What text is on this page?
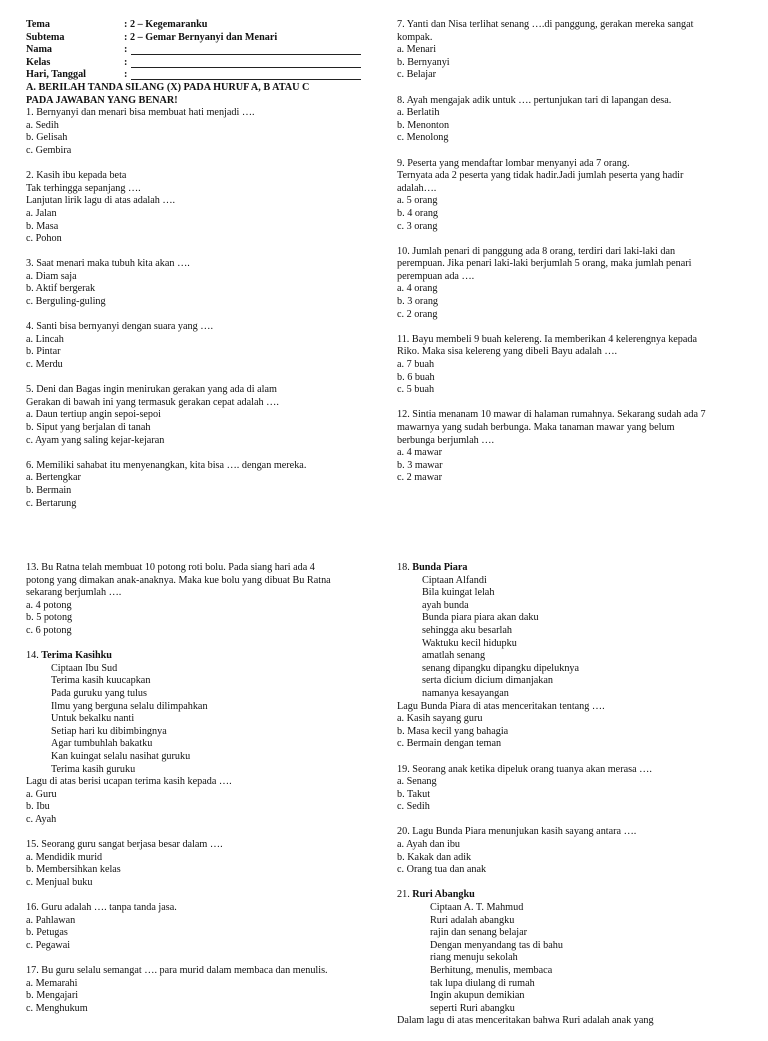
Tema	: 2 – Kegemaranku
Subtema	: 2 – Gemar Bernyanyi dan Menari
Nama	:
Kelas	:
Hari, Tanggal	:
A. BERILAH TANDA SILANG (X) PADA HURUF A, B ATAU C
PADA JAWABAN YANG BENAR!
1. Bernyanyi dan menari bisa membuat hati menjadi ….
a. Sedih
b. Gelisah
c. Gembira
2. Kasih ibu kepada beta
Tak terhingga sepanjang ….
Lanjutan lirik lagu di atas adalah ….
a. Jalan
b. Masa
c. Pohon
3. Saat menari maka tubuh kita akan ….
a. Diam saja
b. Aktif bergerak
c. Berguling-guling
4. Santi bisa bernyanyi dengan suara yang ….
a. Lincah
b. Pintar
c. Merdu
5. Deni dan Bagas ingin menirukan gerakan yang ada di alam
Gerakan di bawah ini yang termasuk gerakan cepat adalah ….
a. Daun tertiup angin sepoi-sepoi
b. Siput yang berjalan di tanah
c. Ayam yang saling kejar-kejaran
6. Memiliki sahabat itu menyenangkan, kita bisa …. dengan mereka.
a. Bertengkar
b. Bermain
c. Bertarung
7. Yanti dan Nisa terlihat senang ….di panggung, gerakan mereka sangat
kompak.
a. Menari
b. Bernyanyi
c. Belajar
8. Ayah mengajak adik untuk …. pertunjukan tari di lapangan desa.
a. Berlatih
b. Menonton
c. Menolong
9. Peserta yang mendaftar lombar menyanyi ada 7 orang.
Ternyata ada 2 peserta yang tidak hadir.Jadi jumlah peserta yang hadir
adalah….
a. 5 orang
b. 4 orang
c. 3 orang
10. Jumlah penari di panggung ada 8 orang, terdiri dari laki-laki dan
perempuan. Jika penari laki-laki berjumlah 5 orang, maka jumlah penari
perempuan ada ….
a. 4 orang
b. 3 orang
c. 2 orang
11. Bayu membeli 9 buah kelereng. Ia memberikan 4 kelerengnya kepada
Riko. Maka sisa kelereng yang dibeli Bayu adalah ….
a. 7 buah
b. 6 buah
c. 5 buah
12. Sintia menanam 10 mawar di halaman rumahnya. Sekarang sudah ada 7
mawarnya yang sudah berbunga. Maka tanaman mawar yang belum
berbunga berjumlah ….
a. 4 mawar
b. 3 mawar
c. 2 mawar
13. Bu Ratna telah membuat 10 potong roti bolu. Pada siang hari ada 4
potong yang dimakan anak-anaknya. Maka kue bolu yang dibuat Bu Ratna
sekarang berjumlah ….
a. 4 potong
b. 5 potong
c. 6 potong
14. Terima Kasihku
Ciptaan Ibu Sud
Terima kasih kuucapkan
Pada guruku yang tulus
Ilmu yang berguna selalu dilimpahkan
Untuk bekalku nanti
Setiap hari ku dibimbingnya
Agar tumbuhlah bakatku
Kan kuingat selalu nasihat guruku
Terima kasih guruku
Lagu di atas berisi ucapan terima kasih kepada ….
a. Guru
b. Ibu
c. Ayah
15. Seorang guru sangat berjasa besar dalam ….
a. Mendidik murid
b. Membersihkan kelas
c. Menjual buku
16. Guru adalah …. tanpa tanda jasa.
a. Pahlawan
b. Petugas
c. Pegawai
17. Bu guru selalu semangat …. para murid dalam membaca dan menulis.
a. Memarahi
b. Mengajari
c. Menghukum
18. Bunda Piara
Ciptaan Alfandi
Bila kuingat lelah
ayah bunda
Bunda piara piara akan daku
sehingga aku besarlah
Waktuku kecil hidupku
amatlah senang
senang dipangku dipangku dipeluknya
serta dicium dicium dimanjakan
namanya kesayangan
Lagu Bunda Piara di atas menceritakan tentang ….
a. Kasih sayang guru
b. Masa kecil yang bahagia
c. Bermain dengan teman
19. Seorang anak ketika dipeluk orang tuanya akan merasa ….
a. Senang
b. Takut
c. Sedih
20. Lagu Bunda Piara menunjukan kasih sayang antara ….
a. Ayah dan ibu
b. Kakak dan adik
c. Orang tua dan anak
21. Ruri Abangku
Ciptaan A. T. Mahmud
Ruri adalah abangku
rajin dan senang belajar
Dengan menyandang tas di bahu
riang menuju sekolah
Berhitung, menulis, membaca
tak lupa diulang di rumah
Ingin akupun demikian
seperti Ruri abangku
Dalam lagu di atas menceritakan bahwa Ruri adalah anak yang
